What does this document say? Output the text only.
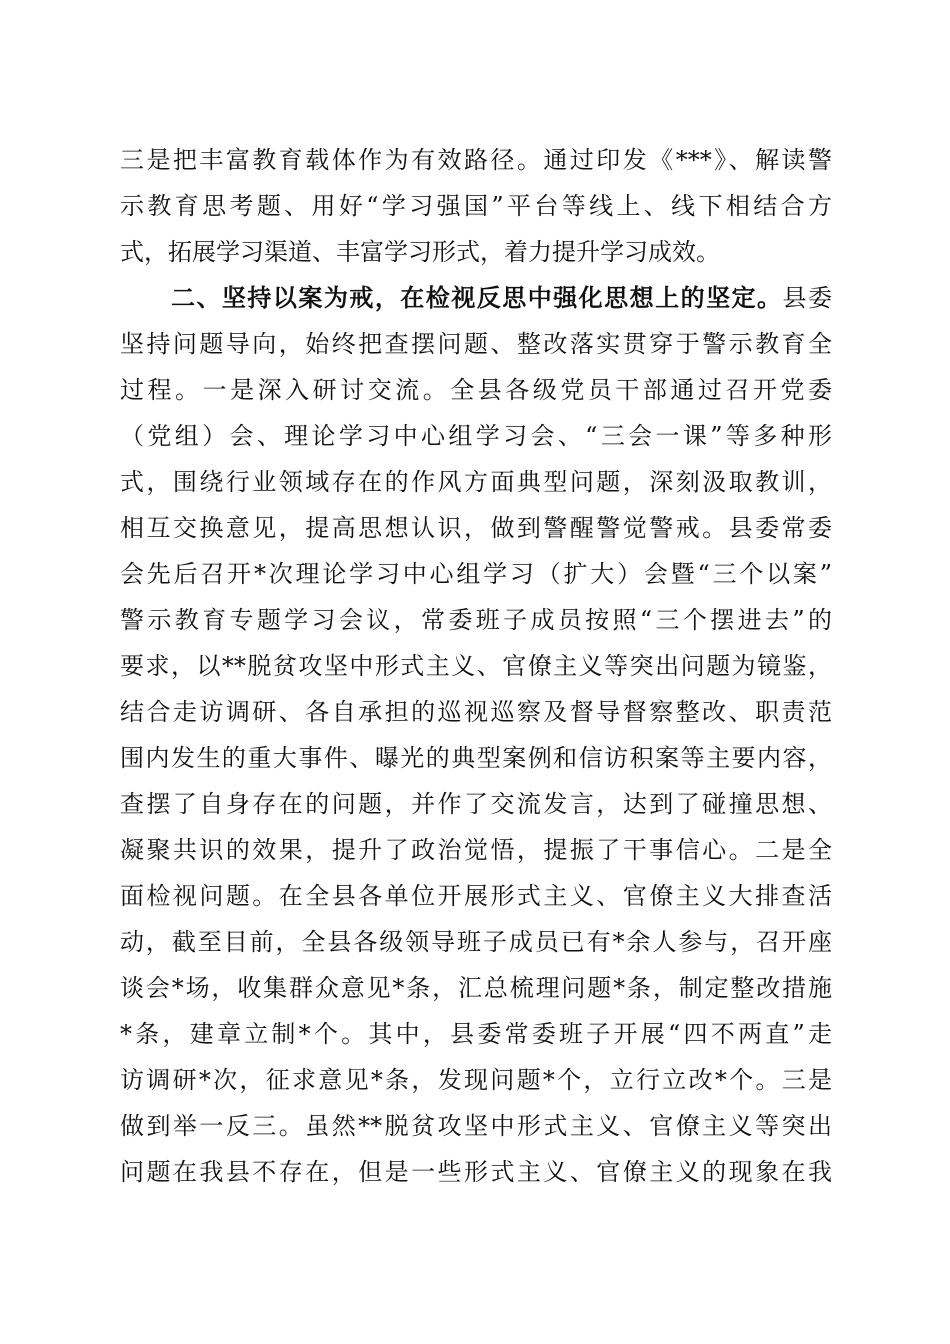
三是把丰富教育载体作为有效路径。通过印发《***》、解读警
示教育思考题、用好“学习强国”平台等线上、线下相结合方
式，拓展学习渠道、丰富学习形式，着力提升学习成效。
　　二、坚持以案为戒，在检视反思中强化思想上的坚定。县委
坚持问题导向，始终把查摆问题、整改落实贯穿于警示教育全
过程。一是深入研讨交流。全县各级党员干部通过召开党委
（党组）会、理论学习中心组学习会、“三会一课”等多种形
式，围绕行业领域存在的作风方面典型问题，深刻汲取教训，
相互交换意见，提高思想认识，做到警醒警觉警戒。县委常委
会先后召开*次理论学习中心组学习（扩大）会暨“三个以案”
警示教育专题学习会议，常委班子成员按照“三个摆进去”的
要求，以**脱贫攻坚中形式主义、官僚主义等突出问题为镜鉴，
结合走访调研、各自承担的巡视巡察及督导督察整改、职责范
围内发生的重大事件、曝光的典型案例和信访积案等主要内容，
查摆了自身存在的问题，并作了交流发言，达到了碰撞思想、
凝聚共识的效果，提升了政治觉悟，提振了干事信心。二是全
面检视问题。在全县各单位开展形式主义、官僚主义大排查活
动，截至目前，全县各级领导班子成员已有*余人参与，召开座
谈会*场，收集群众意见*条，汇总梳理问题*条，制定整改措施
*条，建章立制*个。其中，县委常委班子开展“四不两直”走
访调研*次，征求意见*条，发现问题*个，立行立改*个。三是
做到举一反三。虽然**脱贫攻坚中形式主义、官僚主义等突出
问题在我县不存在，但是一些形式主义、官僚主义的现象在我
